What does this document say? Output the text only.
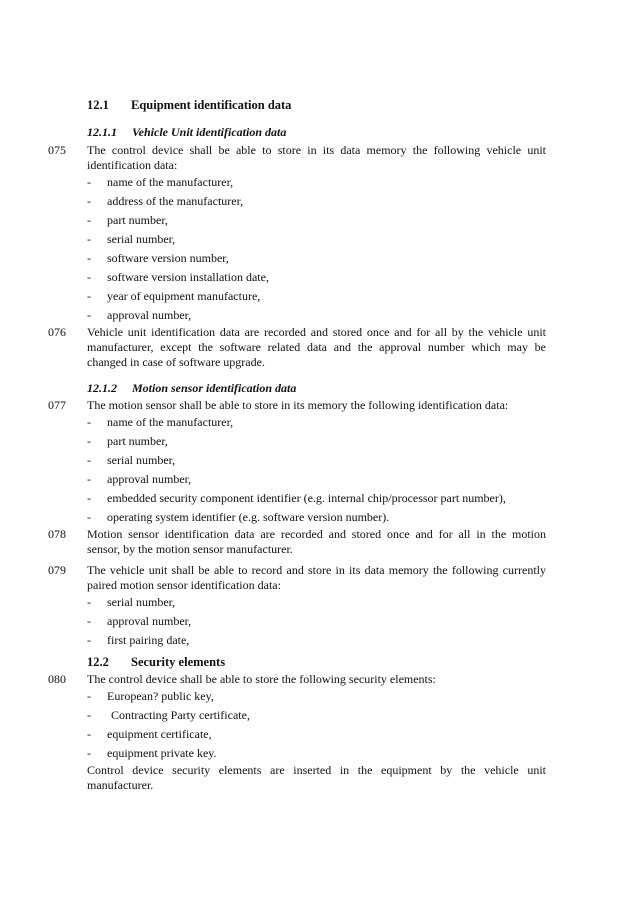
12.1 Equipment identification data
12.1.1 Vehicle Unit identification data
075 The control device shall be able to store in its data memory the following vehicle unit
identification data:
- name of the manufacturer,
- address of the manufacturer,
- part number,
- serial number,
- software version number,
- software version installation date,
- year of equipment manufacture,
- approval number,
076 Vehicle unit identification data are recorded and stored once and for all by the vehicle unit
manufacturer, except the software related data and the approval number which may be
changed in case of software upgrade.
12.1.2 Motion sensor identification data
077 The motion sensor shall be able to store in its memory the following identification data:
- name of the manufacturer,
- part number,
- serial number,
- approval number,
- embedded security component identifier (e.g. internal chip/processor part number),
- operating system identifier (e.g. software version number).
078 Motion sensor identification data are recorded and stored once and for all in the motion
sensor, by the motion sensor manufacturer.
079 The vehicle unit shall be able to record and store in its data memory the following currently
paired motion sensor identification data:
- serial number,
- approval number,
- first pairing date,
12.2 Security elements
080 The control device shall be able to store the following security elements:
- European? public key,
- Contracting Party certificate,
- equipment certificate,
- equipment private key.
Control device security elements are inserted in the equipment by the vehicle unit
manufacturer.
